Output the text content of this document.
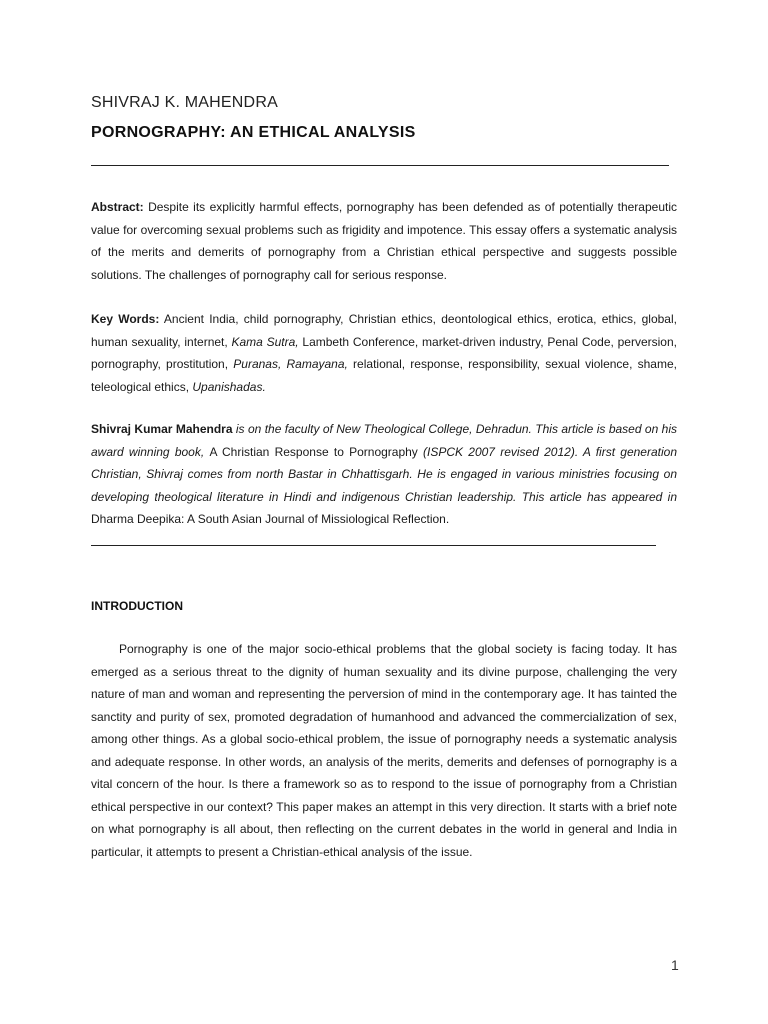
SHIVRAJ K. MAHENDRA
PORNOGRAPHY: AN ETHICAL ANALYSIS

Abstract: Despite its explicitly harmful effects, pornography has been defended as of potentially therapeutic value for overcoming sexual problems such as frigidity and impotence. This essay offers a systematic analysis of the merits and demerits of pornography from a Christian ethical perspective and suggests possible solutions. The challenges of pornography call for serious response.

Key Words: Ancient India, child pornography, Christian ethics, deontological ethics, erotica, ethics, global, human sexuality, internet, Kama Sutra, Lambeth Conference, market-driven industry, Penal Code, perversion, pornography, prostitution, Puranas, Ramayana, relational, response, responsibility, sexual violence, shame, teleological ethics, Upanishadas.

Shivraj Kumar Mahendra is on the faculty of New Theological College, Dehradun. This article is based on his award winning book, A Christian Response to Pornography (ISPCK 2007 revised 2012). A first generation Christian, Shivraj comes from north Bastar in Chhattisgarh. He is engaged in various ministries focusing on developing theological literature in Hindi and indigenous Christian leadership. This article has appeared in Dharma Deepika: A South Asian Journal of Missiological Reflection.

INTRODUCTION

Pornography is one of the major socio-ethical problems that the global society is facing today. It has emerged as a serious threat to the dignity of human sexuality and its divine purpose, challenging the very nature of man and woman and representing the perversion of mind in the contemporary age. It has tainted the sanctity and purity of sex, promoted degradation of humanhood and advanced the commercialization of sex, among other things. As a global socio-ethical problem, the issue of pornography needs a systematic analysis and adequate response. In other words, an analysis of the merits, demerits and defenses of pornography is a vital concern of the hour. Is there a framework so as to respond to the issue of pornography from a Christian ethical perspective in our context? This paper makes an attempt in this very direction. It starts with a brief note on what pornography is all about, then reflecting on the current debates in the world in general and India in particular, it attempts to present a Christian-ethical analysis of the issue.

1
